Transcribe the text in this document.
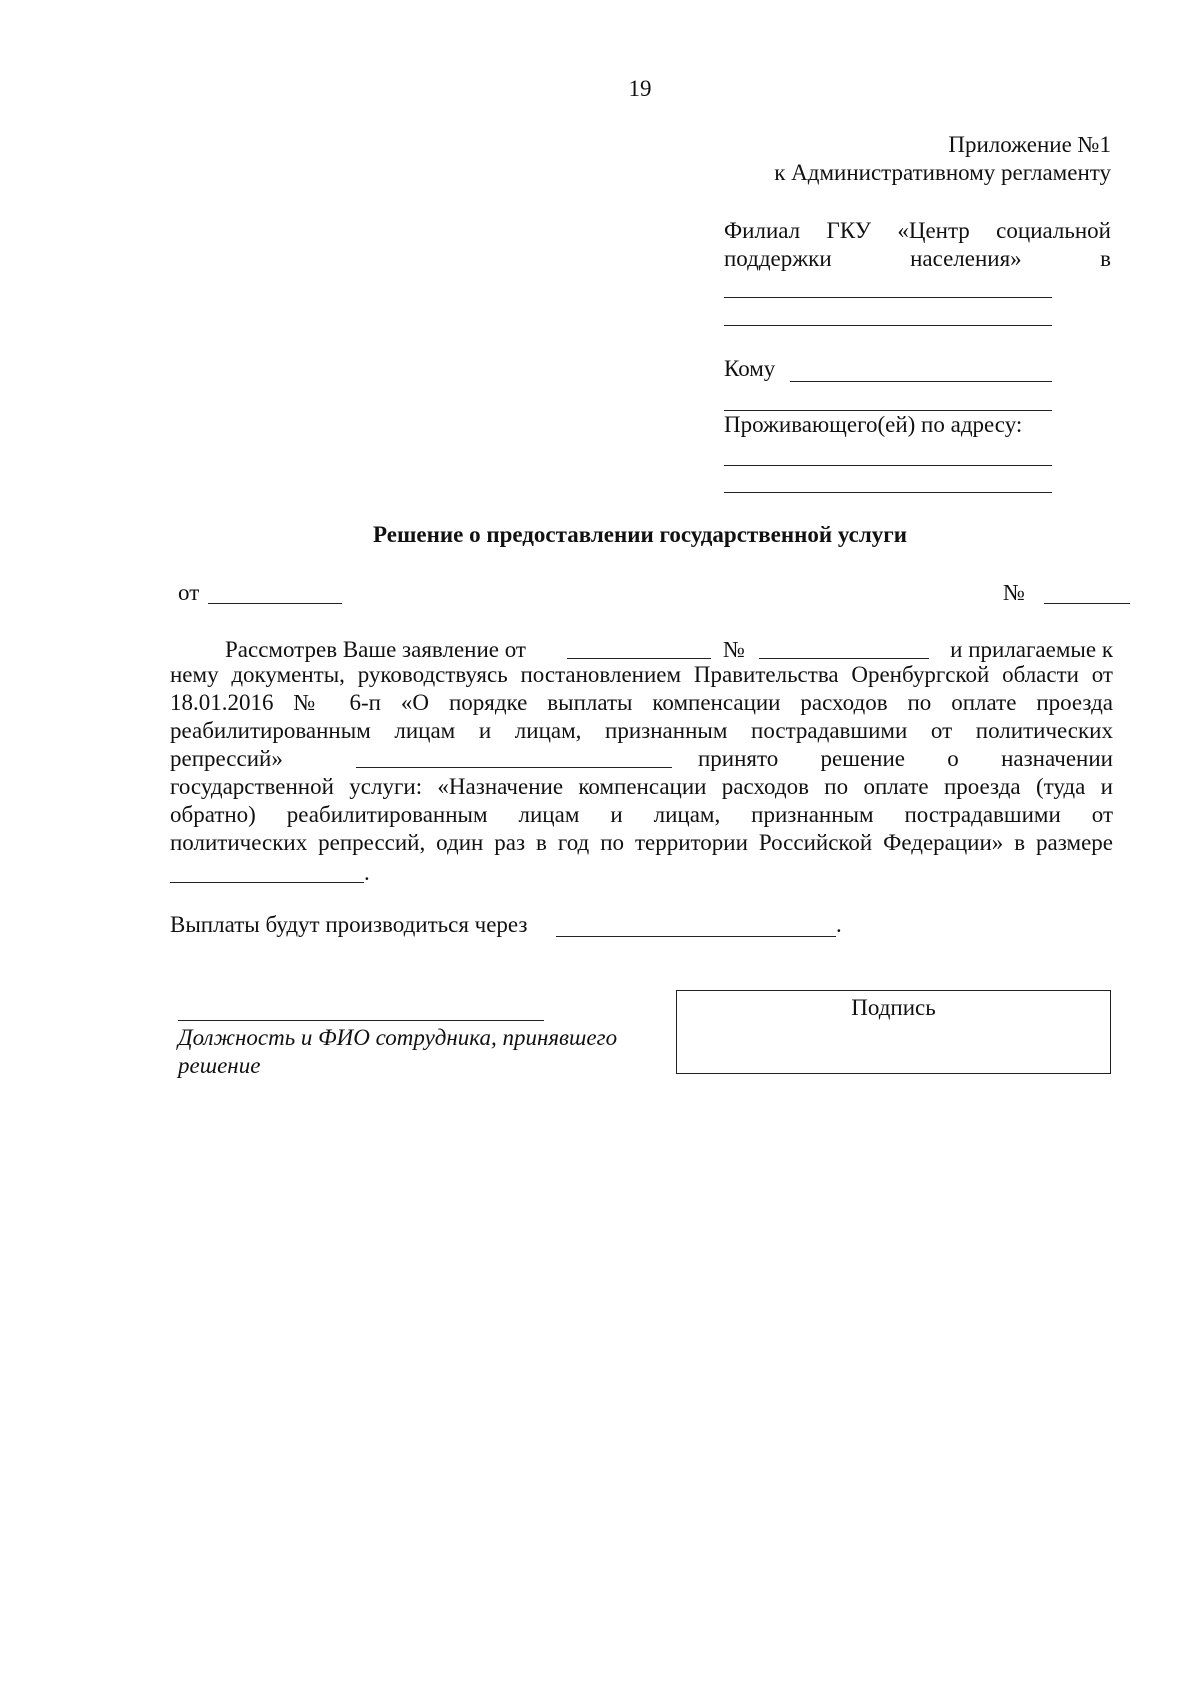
19
Приложение №1
к Административному регламенту
Филиал ГКУ «Центр социальной
поддержки	населения»	в
Кому
Проживающего(ей) по адресу:
Решение о предоставлении государственной услуги
от	№
Рассмотрев Ваше заявление от	№	и прилагаемые к
нему документы, руководствуясь постановлением Правительства Оренбургской области от
18.01.2016 № 6-п «О порядке выплаты компенсации расходов по оплате проезда
реабилитированным лицам и лицам, признанным пострадавшими от политических
репрессий»	принято решение о назначении
государственной услуги: «Назначение компенсации расходов по оплате проезда (туда и
обратно) реабилитированным лицам и лицам, признанным пострадавшими от
политических репрессий, один раз в год по территории Российской Федерации» в размере
.
Выплаты будут производиться через	.
Должность и ФИО сотрудника, принявшего
решение
Подпись
